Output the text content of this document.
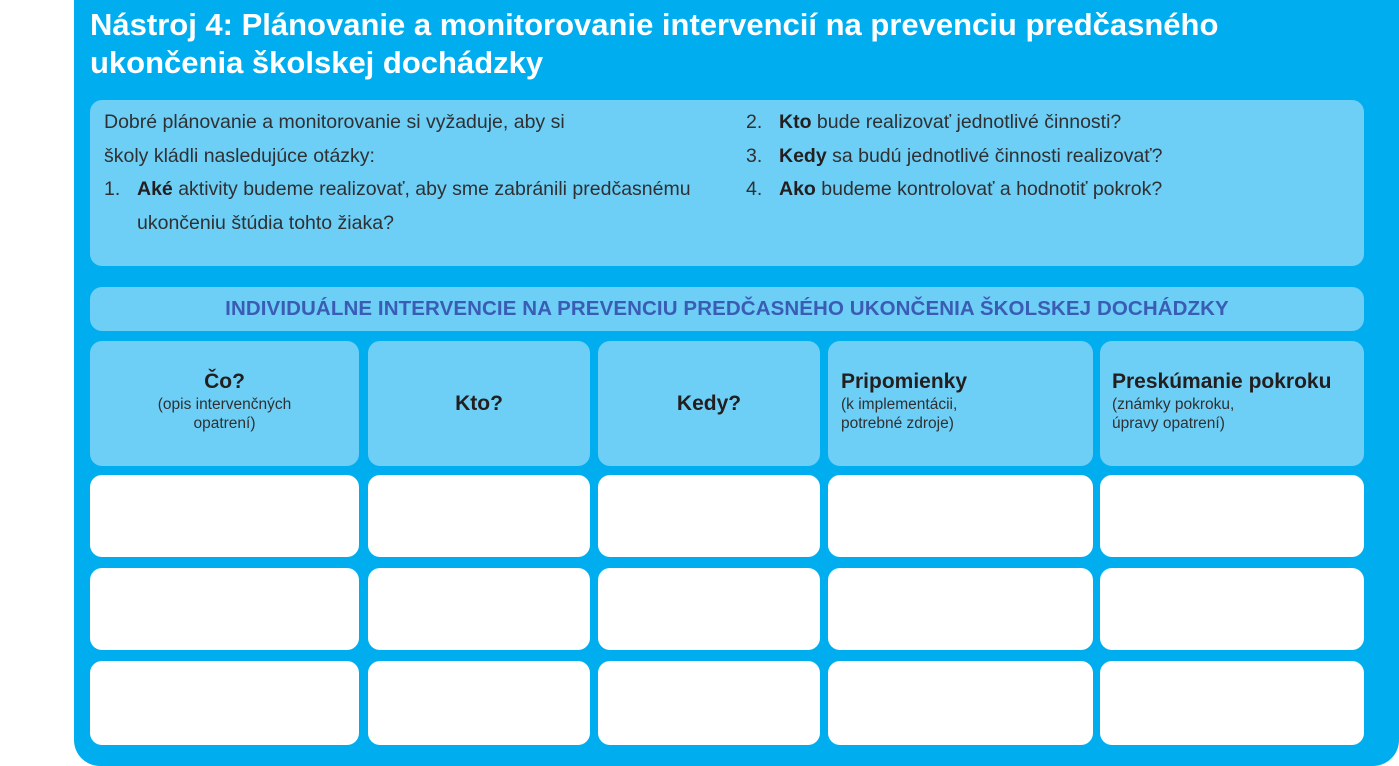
Nástroj 4: Plánovanie a monitorovanie intervencií na prevenciu predčasného ukončenia školskej dochádzky
Dobré plánovanie a monitorovanie si vyžaduje, aby si
školy kládli nasledujúce otázky:
1. Aké aktivity budeme realizovať, aby sme zabránili predčasnému ukončeniu štúdia tohto žiaka?
2. Kto bude realizovať jednotlivé činnosti?
3. Kedy sa budú jednotlivé činnosti realizovať?
4. Ako budeme kontrolovať a hodnotiť pokrok?
INDIVIDUÁLNE INTERVENCIE NA PREVENCIU PREDČASNÉHO UKONČENIA ŠKOLSKEJ DOCHÁDZKY
Čo?
(opis intervenčných
opatrení)
Kto?	Kedy?
Pripomienky
(k implementácii,
potrebné zdroje)
Preskúmanie pokroku
(známky pokroku,
úpravy opatrení)
